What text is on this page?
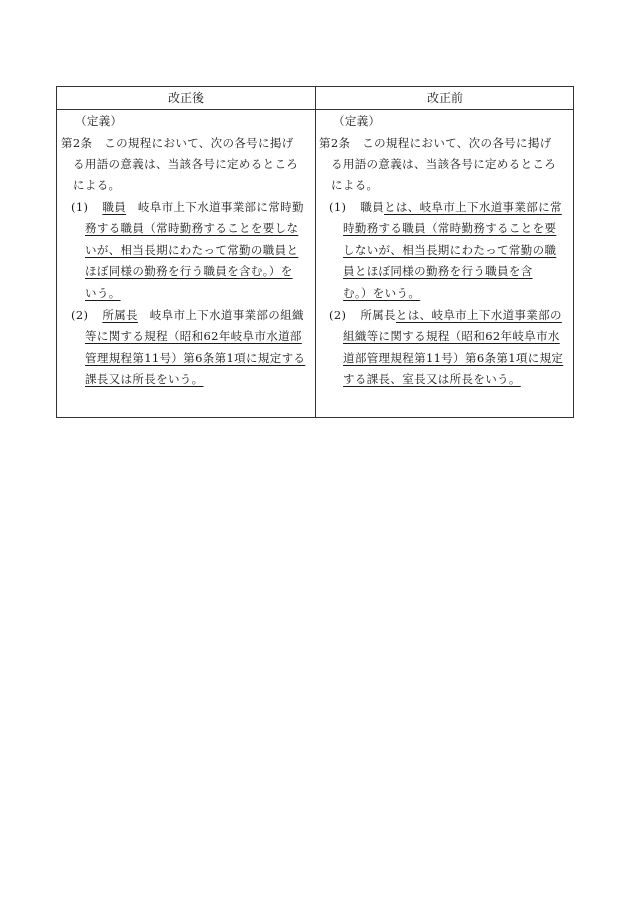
改正後	改正前
（定義）
第2条　この規程において、次の各号に掲げ
る用語の意義は、当該各号に定めるところ
による。
(1) 職員　岐阜市上下水道事業部に常時勤
務する職員（常時勤務することを要しな
いが、相当長期にわたって常勤の職員と
ほぼ同様の勤務を行う職員を含む。）を
いう。
(2) 所属長　岐阜市上下水道事業部の組織
等に関する規程（昭和62年岐阜市水道部
管理規程第11号）第6条第1項に規定する
課長又は所長をいう。
（定義）
第2条　この規程において、次の各号に掲げ
る用語の意義は、当該各号に定めるところ
による。
(1) 職員とは、岐阜市上下水道事業部に常
時勤務する職員（常時勤務することを要
しないが、相当長期にわたって常勤の職
員とほぼ同様の勤務を行う職員を含
む。）をいう。
(2) 所属長とは、岐阜市上下水道事業部の
組織等に関する規程（昭和62年岐阜市水
道部管理規程第11号）第6条第1項に規定
する課長、室長又は所長をいう。
